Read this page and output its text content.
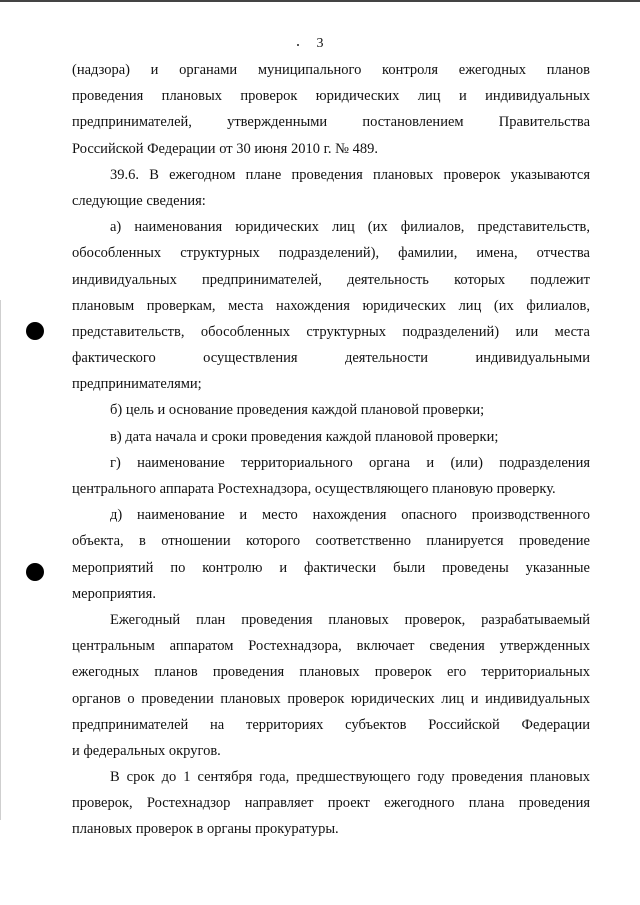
3
(надзора) и органами муниципального контроля ежегодных планов
проведения плановых проверок юридических лиц и индивидуальных
предпринимателей, утвержденными постановлением Правительства
Российской Федерации от 30 июня 2010 г. № 489.
39.6. В ежегодном плане проведения плановых проверок указываются
следующие сведения:
а) наименования юридических лиц (их филиалов, представительств,
обособленных структурных подразделений), фамилии, имена, отчества
индивидуальных предпринимателей, деятельность которых подлежит
плановым проверкам, места нахождения юридических лиц (их филиалов,
представительств, обособленных структурных подразделений) или места
фактического осуществления деятельности индивидуальными
предпринимателями;
б) цель и основание проведения каждой плановой проверки;
в) дата начала и сроки проведения каждой плановой проверки;
г) наименование территориального органа и (или) подразделения
центрального аппарата Ростехнадзора, осуществляющего плановую проверку.
д) наименование и место нахождения опасного производственного
объекта, в отношении которого соответственно планируется проведение
мероприятий по контролю и фактически были проведены указанные
мероприятия.
Ежегодный план проведения плановых проверок, разрабатываемый
центральным аппаратом Ростехнадзора, включает сведения утвержденных
ежегодных планов проведения плановых проверок его территориальных
органов о проведении плановых проверок юридических лиц и индивидуальных
предпринимателей на территориях субъектов Российской Федерации
и федеральных округов.
В срок до 1 сентября года, предшествующего году проведения плановых
проверок, Ростехнадзор направляет проект ежегодного плана проведения
плановых проверок в органы прокуратуры.
